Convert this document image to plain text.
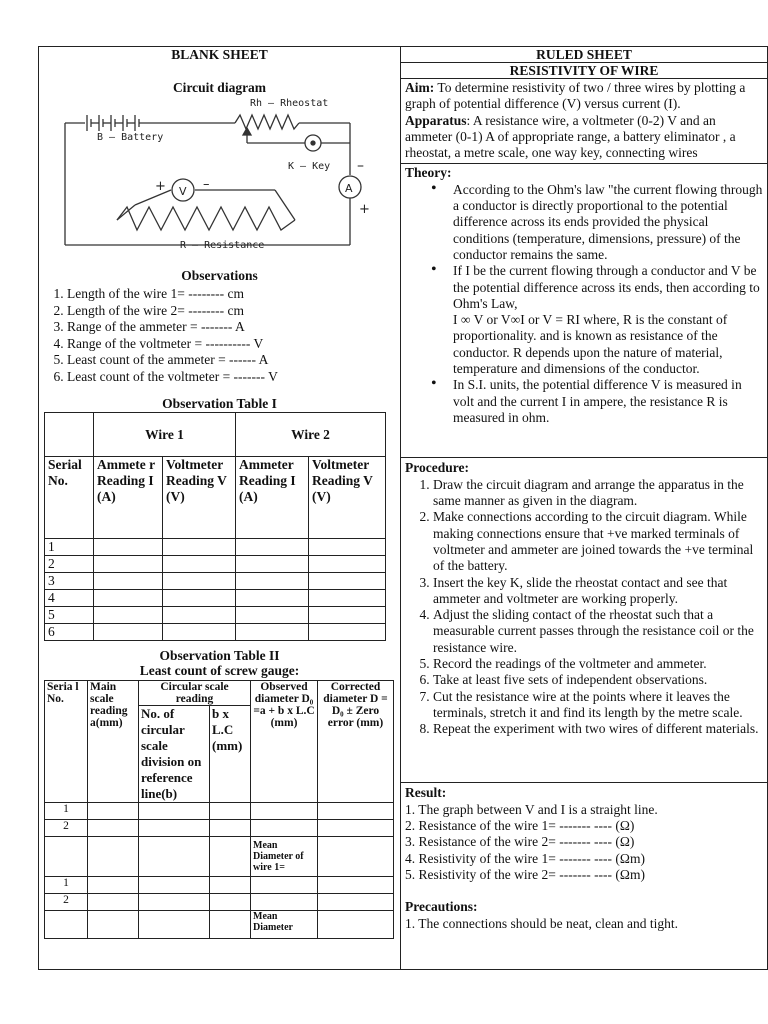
BLANK SHEET
Circuit diagram
Rh – Rheostat
B – Battery
K – Key
R – Resistance
+	–
V	A
–
+
Observations
1. Length of the wire 1= -------- cm
2. Length of the wire 2= -------- cm
3. Range of the ammeter = ------- A
4. Range of the voltmeter = ---------- V
5. Least count of the ammeter = ------ A
6. Least count of the voltmeter = ------- V
Observation Table I
	Wire 1		Wire 2	
Serial No.	Ammete r Reading I (A)	Voltmeter Reading V (V)	Ammeter Reading I (A)	Voltmeter Reading V (V)
1				
2				
3				
4				
5				
6				
Observation Table II
Least count of screw gauge:
Seria l No.	Main scale reading a(mm)	Circular scale reading		Observed diameter D₀ =a + b x L.C (mm)	Corrected diameter D = D₀ ± Zero error (mm)
		No. of circular scale division on reference line(b)	b x L.C (mm)		
1					
2					
				Mean Diameter of wire 1=	
1					
2					
				Mean Diameter	
RULED SHEET
RESISTIVITY OF WIRE
Aim: To determine resistivity of two / three wires by plotting a graph of potential difference (V) versus current (I).
Apparatus: A resistance wire, a voltmeter (0-2) V and an ammeter (0-1) A of appropriate range, a battery eliminator , a rheostat, a metre scale, one way key, connecting wires
Theory:
• According to the Ohm's law "the current flowing through a conductor is directly proportional to the potential difference across its ends provided the physical conditions (temperature, dimensions, pressure) of the conductor remains the same.
• If I be the current flowing through a conductor and V be the potential difference across its ends, then according to Ohm's Law,
I ∞ V or V∞I or V = RI where, R is the constant of proportionality. and is known as resistance of the conductor. R depends upon the nature of material, temperature and dimensions of the conductor.
• In S.I. units, the potential difference V is measured in volt and the current I in ampere, the resistance R is measured in ohm.
Procedure:
1. Draw the circuit diagram and arrange the apparatus in the same manner as given in the diagram.
2. Make connections according to the circuit diagram. While making connections ensure that +ve marked terminals of voltmeter and ammeter are joined towards the +ve terminal of the battery.
3. Insert the key K, slide the rheostat contact and see that ammeter and voltmeter are working properly.
4. Adjust the sliding contact of the rheostat such that a measurable current passes through the resistance coil or the resistance wire.
5. Record the readings of the voltmeter and ammeter.
6. Take at least five sets of independent observations.
7. Cut the resistance wire at the points where it leaves the terminals, stretch it and find its length by the metre scale.
8. Repeat the experiment with two wires of different materials.
Result:
1. The graph between V and I is a straight line.
2. Resistance of the wire 1= ------- ---- (Ω)
3. Resistance of the wire 2= ------- ---- (Ω)
4. Resistivity of the wire 1= ------- ---- (Ωm)
5. Resistivity of the wire 2= ------- ---- (Ωm)
Precautions:
1. The connections should be neat, clean and tight.
